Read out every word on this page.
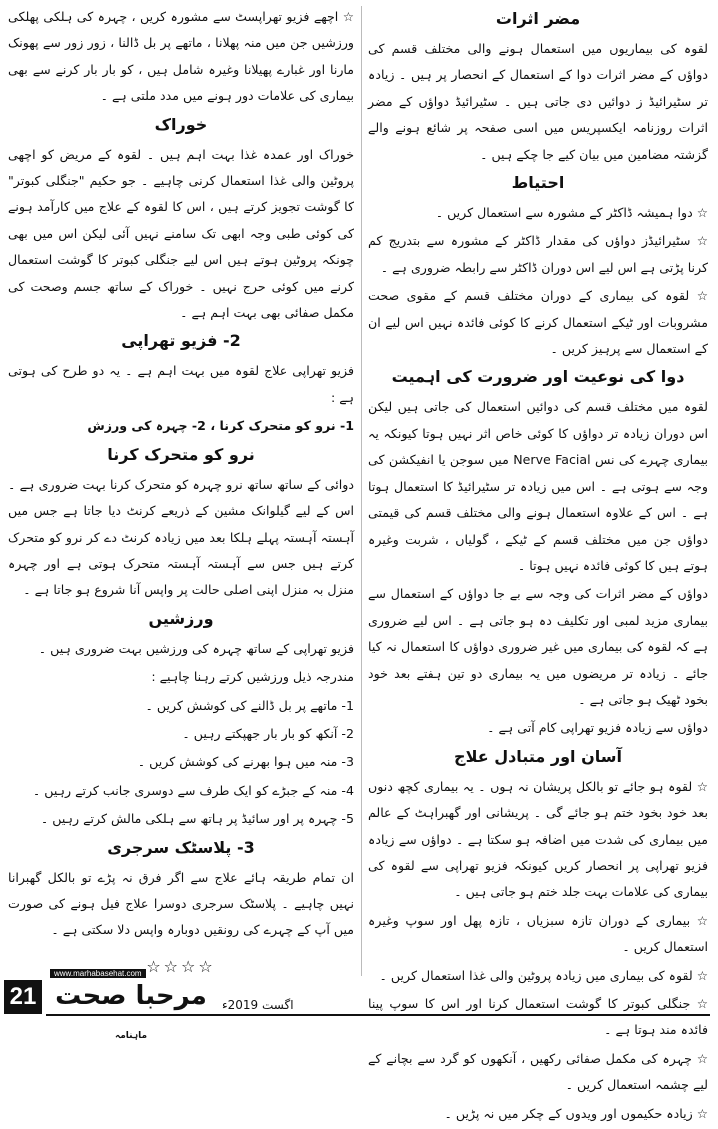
مضر اثرات

لقوہ کی بیماریوں میں استعمال ہونے والی مختلف قسم کی دواؤں کے مضر اثرات دوا کے استعمال کے انحصار پر ہیں ۔ زیادہ تر سٹیرائیڈ ز دوائیں دی جاتی ہیں ۔ سٹیرائیڈ دواؤں کے مضر اثرات روزنامہ ایکسپریس میں اسی صفحہ پر شائع ہونے والے گزشتہ مضامین میں بیان کیے جا چکے ہیں ۔

احتیاط

☆ دوا ہمیشہ ڈاکٹر کے مشورہ سے استعمال کریں ۔

☆ سٹیرائیڈز دواؤں کی مقدار ڈاکٹر کے مشورہ سے بتدریج کم کرنا پڑتی ہے اس لیے اس دوران ڈاکٹر سے رابطہ ضروری ہے ۔

☆ لقوہ کی بیماری کے دوران مختلف قسم کے مقوی صحت مشروبات اور ٹیکے استعمال کرنے کا کوئی فائدہ نہیں اس لیے ان کے استعمال سے پرہیز کریں ۔

دوا کی نوعیت اور ضرورت کی اہمیت

لقوہ میں مختلف قسم کی دوائیں استعمال کی جاتی ہیں لیکن اس دوران زیادہ تر دواؤں کا کوئی خاص اثر نہیں ہوتا کیونکہ یہ بیماری چہرے کی نس Nerve Facial میں سوجن یا انفیکشن کی وجہ سے ہوتی ہے ۔ اس میں زیادہ تر سٹیرائیڈ کا استعمال ہوتا ہے ۔ اس کے علاوہ استعمال ہونے والی مختلف قسم کی قیمتی دواؤں جن میں مختلف قسم کے ٹیکے ، گولیاں ، شربت وغیرہ ہوتے ہیں کا کوئی فائدہ نہیں ہوتا ۔

دواؤں کے مضر اثرات کی وجہ سے بے جا دواؤں کے استعمال سے بیماری مزید لمبی اور تکلیف دہ ہو جاتی ہے ۔ اس لیے ضروری ہے کہ لقوہ کی بیماری میں غیر ضروری دواؤں کا استعمال نہ کیا جائے ۔ زیادہ تر مریضوں میں یہ بیماری دو تین ہفتے بعد خود بخود ٹھیک ہو جاتی ہے ۔

دواؤں سے زیادہ فزیو تھراپی کام آتی ہے ۔

آسان اور متبادل علاج

☆ لقوہ ہو جائے تو بالکل پریشان نہ ہوں ۔ یہ بیماری کچھ دنوں بعد خود بخود ختم ہو جائے گی ۔ پریشانی اور گھبراہٹ کے عالم میں بیماری کی شدت میں اضافہ ہو سکتا ہے ۔ دواؤں سے زیادہ فزیو تھراپی پر انحصار کریں کیونکہ فزیو تھراپی سے لقوہ کی بیماری کی علامات بہت جلد ختم ہو جاتی ہیں ۔

☆ بیماری کے دوران تازہ سبزیاں ، تازہ پھل اور سوپ وغیرہ استعمال کریں ۔

☆ لقوہ کی بیماری میں زیادہ پروٹین والی غذا استعمال کریں ۔

☆ جنگلی کبوتر کا گوشت استعمال کرنا اور اس کا سوپ پینا فائدہ مند ہوتا ہے ۔

☆ چہرہ کی مکمل صفائی رکھیں ، آنکھوں کو گرد سے بچانے کے لیے چشمہ استعمال کریں ۔

☆ زیادہ حکیموں اور ویدوں کے چکر میں نہ پڑیں ۔

☆ اچھے فزیو تھراپسٹ سے مشورہ کریں ، چہرہ کی ہلکی پھلکی ورزشیں جن میں منہ پھلانا ، ماتھے پر بل ڈالنا ، زور زور سے پھونک مارنا اور غبارے پھیلانا وغیرہ شامل ہیں ، کو بار بار کرنے سے بھی بیماری کی علامات دور ہونے میں مدد ملتی ہے ۔

خوراک

خوراک اور عمدہ غذا بہت اہم ہیں ۔ لقوہ کے مریض کو اچھی پروٹین والی غذا استعمال کرنی چاہیے ۔ جو حکیم "جنگلی کبوتر" کا گوشت تجویز کرتے ہیں ، اس کا لقوہ کے علاج میں کارآمد ہونے کی کوئی طبی وجہ ابھی تک سامنے نہیں آئی لیکن اس میں بھی چونکہ پروٹین ہوتے ہیں اس لیے جنگلی کبوتر کا گوشت استعمال کرنے میں کوئی حرج نہیں ۔ خوراک کے ساتھ جسم وصحت کی مکمل صفائی بھی بہت اہم ہے ۔

2- فزیو تھراپی

فزیو تھراپی علاج لقوہ میں بہت اہم ہے ۔ یہ دو طرح کی ہوتی ہے :

1- نرو کو متحرک کرنا ، 2- چہرہ کی ورزش

نرو کو متحرک کرنا

دوائی کے ساتھ ساتھ نرو چہرہ کو متحرک کرنا بہت ضروری ہے ۔ اس کے لیے گیلوانک مشین کے ذریعے کرنٹ دیا جاتا ہے جس میں آہستہ آہستہ پہلے ہلکا بعد میں زیادہ کرنٹ دے کر نرو کو متحرک کرتے ہیں جس سے آہستہ آہستہ متحرک ہوتی ہے اور چہرہ منزل بہ منزل اپنی اصلی حالت پر واپس آنا شروع ہو جاتا ہے ۔

ورزشیں

فزیو تھراپی کے ساتھ چہرہ کی ورزشیں بہت ضروری ہیں ۔

مندرجہ ذیل ورزشیں کرتے رہنا چاہیے :

1- ماتھے پر بل ڈالنے کی کوشش کریں ۔

2- آنکھ کو بار بار جھپکتے رہیں ۔

3- منہ میں ہوا بھرنے کی کوشش کریں ۔

4- منہ کے جبڑے کو ایک طرف سے دوسری جانب کرتے رہیں ۔

5- چہرہ پر اور سائیڈ پر ہاتھ سے ہلکی مالش کرتے رہیں ۔

3- پلاسٹک سرجری

ان تمام طریقہ ہائے علاج سے اگر فرق نہ پڑے تو بالکل گھبرانا نہیں چاہیے ۔ پلاسٹک سرجری دوسرا علاج فیل ہونے کی صورت میں آپ کے چہرے کی رونقیں دوبارہ واپس دلا سکتی ہے ۔

☆☆☆☆
www.marhabasehat.com
21 مرحبا صحت $^{ماہنامہ}$
اگست 2019ء
